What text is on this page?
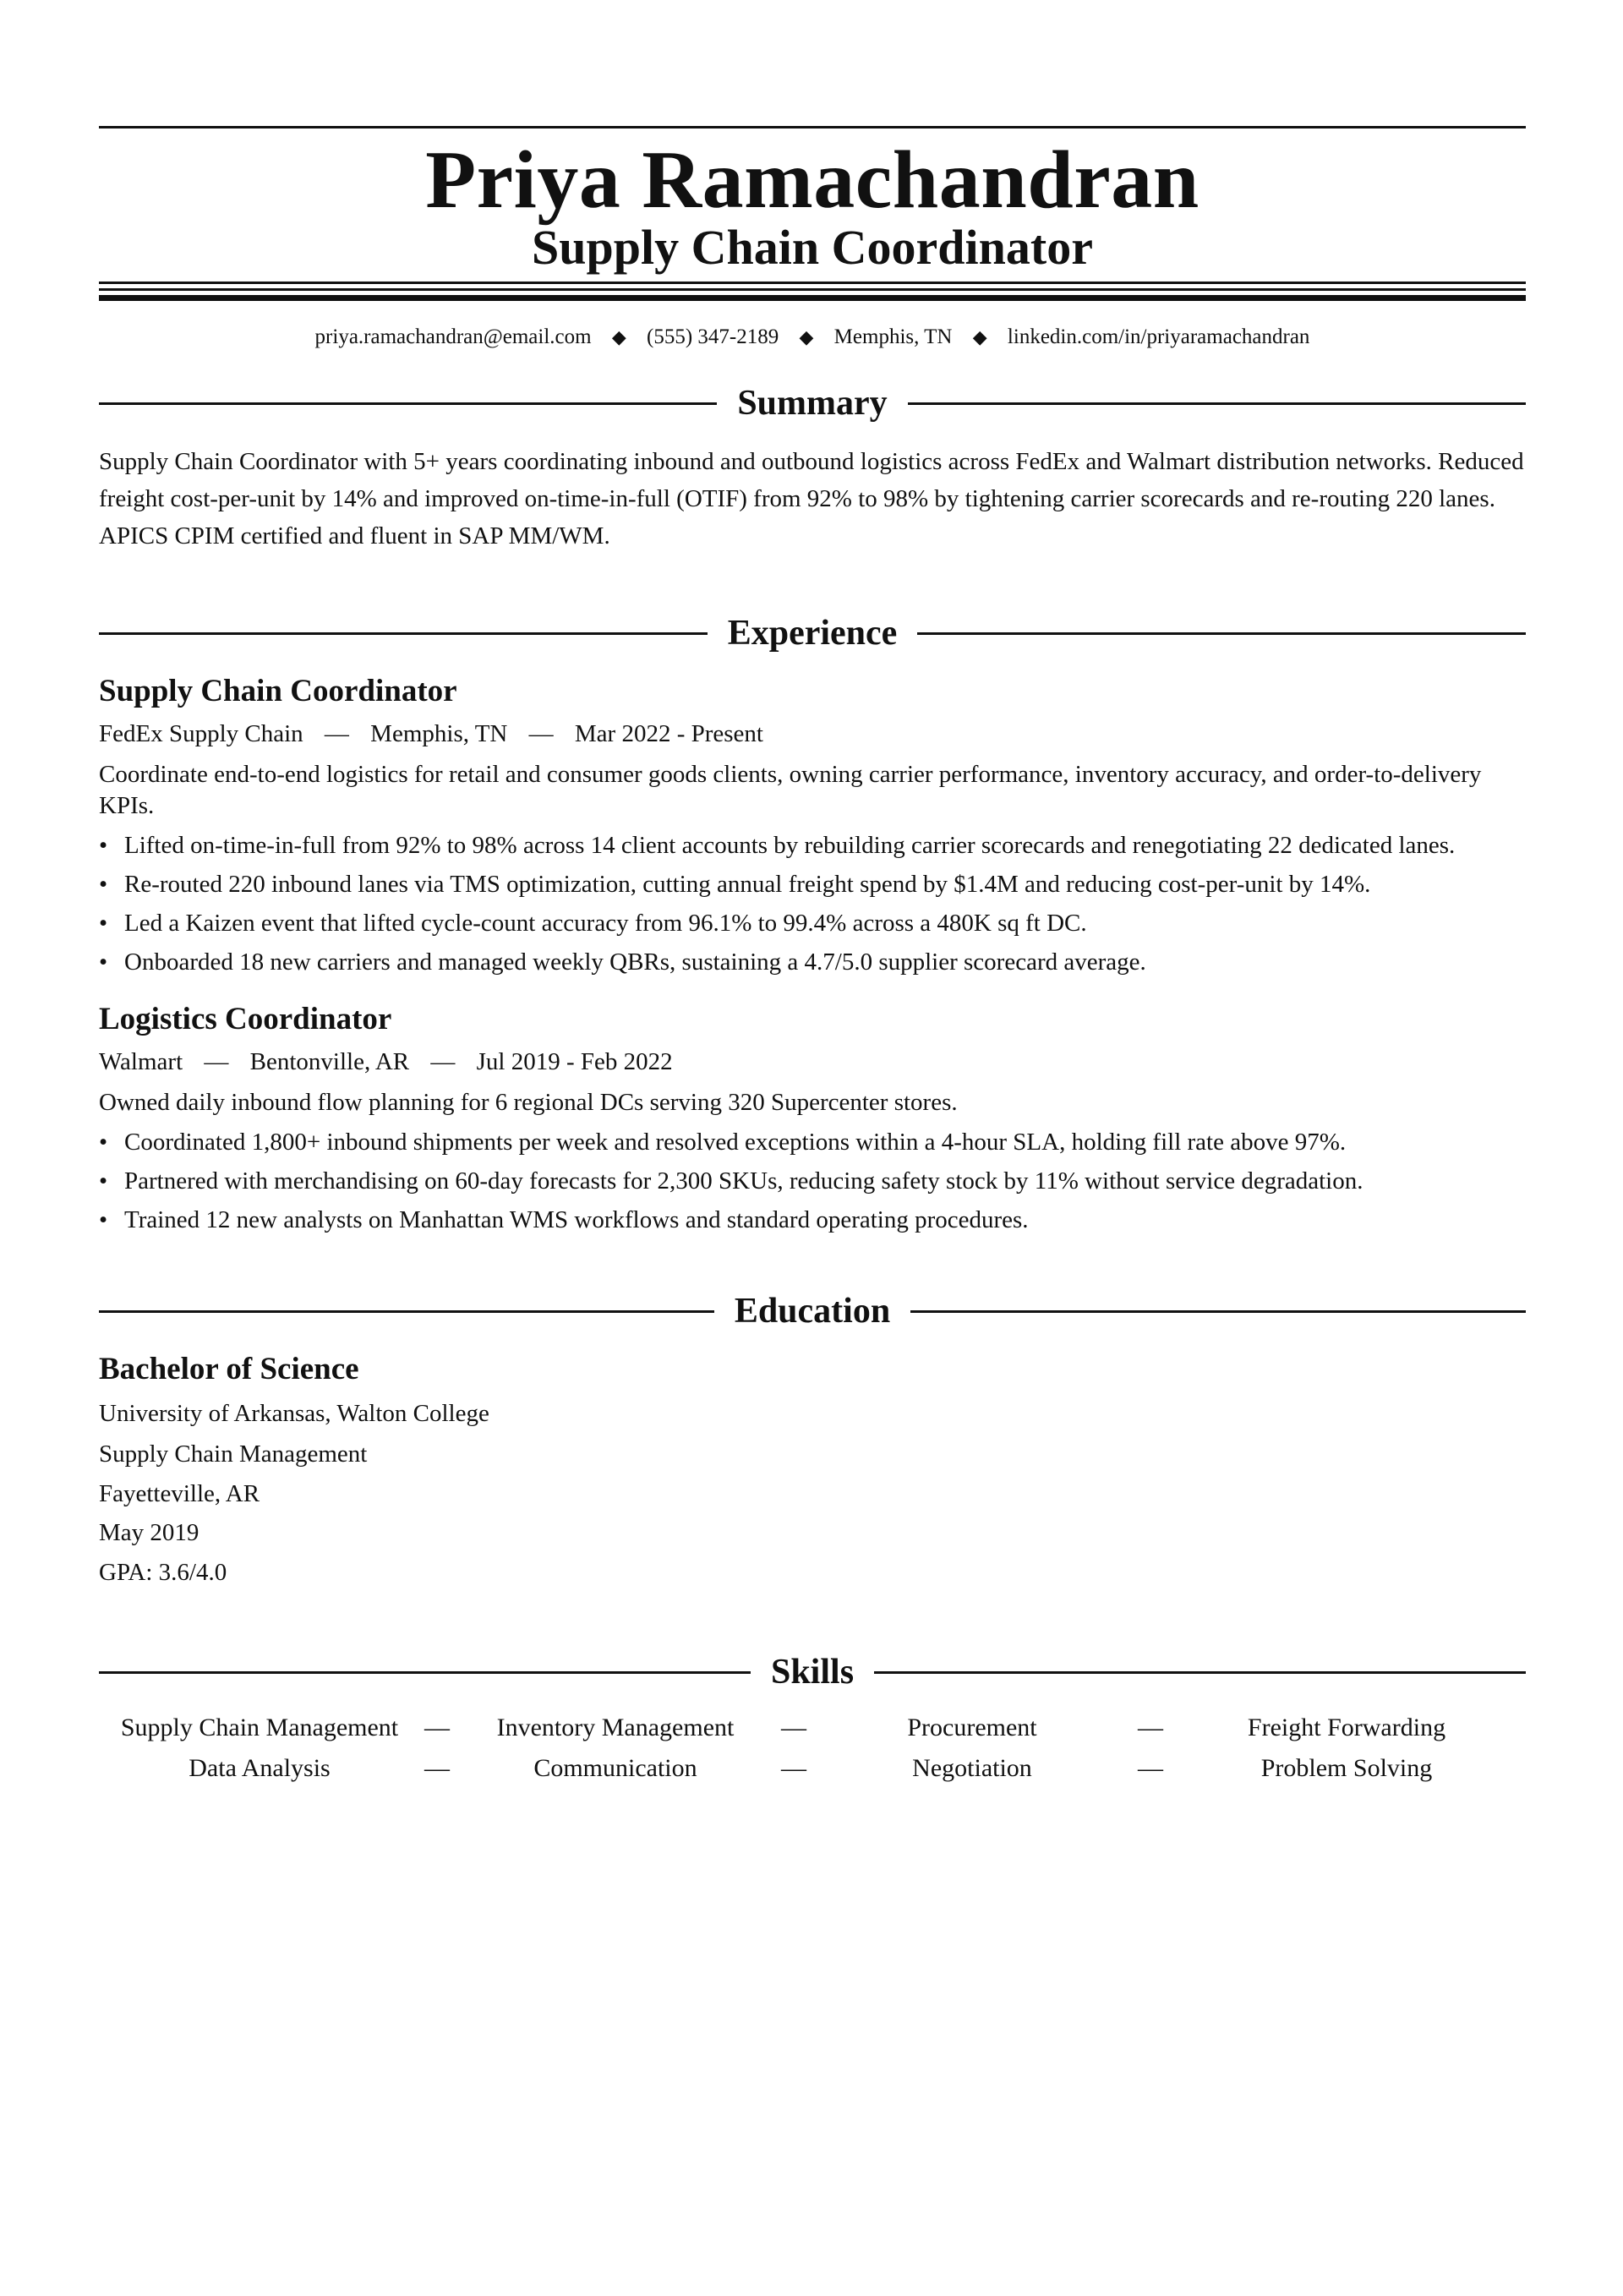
Priya Ramachandran
Supply Chain Coordinator
priya.ramachandran@email.com ◆ (555) 347-2189 ◆ Memphis, TN ◆ linkedin.com/in/priyaramachandran
Summary
Supply Chain Coordinator with 5+ years coordinating inbound and outbound logistics across FedEx and Walmart distribution networks. Reduced freight cost-per-unit by 14% and improved on-time-in-full (OTIF) from 92% to 98% by tightening carrier scorecards and re-routing 220 lanes. APICS CPIM certified and fluent in SAP MM/WM.
Experience
Supply Chain Coordinator
FedEx Supply Chain — Memphis, TN — Mar 2022 - Present
Coordinate end-to-end logistics for retail and consumer goods clients, owning carrier performance, inventory accuracy, and order-to-delivery KPIs.
• Lifted on-time-in-full from 92% to 98% across 14 client accounts by rebuilding carrier scorecards and renegotiating 22 dedicated lanes.
• Re-routed 220 inbound lanes via TMS optimization, cutting annual freight spend by $1.4M and reducing cost-per-unit by 14%.
• Led a Kaizen event that lifted cycle-count accuracy from 96.1% to 99.4% across a 480K sq ft DC.
• Onboarded 18 new carriers and managed weekly QBRs, sustaining a 4.7/5.0 supplier scorecard average.
Logistics Coordinator
Walmart — Bentonville, AR — Jul 2019 - Feb 2022
Owned daily inbound flow planning for 6 regional DCs serving 320 Supercenter stores.
• Coordinated 1,800+ inbound shipments per week and resolved exceptions within a 4-hour SLA, holding fill rate above 97%.
• Partnered with merchandising on 60-day forecasts for 2,300 SKUs, reducing safety stock by 11% without service degradation.
• Trained 12 new analysts on Manhattan WMS workflows and standard operating procedures.
Education
Bachelor of Science
University of Arkansas, Walton College
Supply Chain Management
Fayetteville, AR
May 2019
GPA: 3.6/4.0
Skills
Supply Chain Management	—	Inventory Management	—	Procurement	—	Freight Forwarding
Data Analysis	—	Communication	—	Negotiation	—	Problem Solving
